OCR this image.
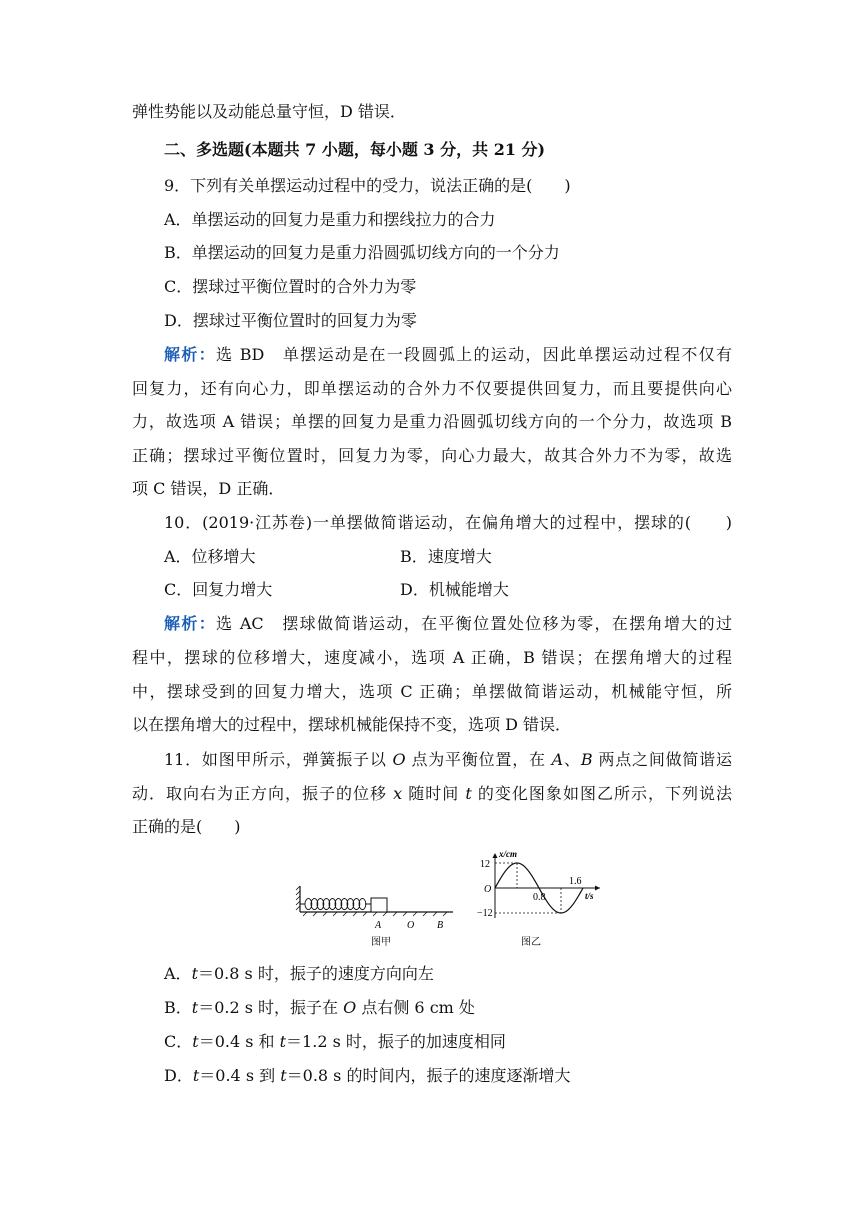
弹性势能以及动能总量守恒，D 错误．
二、多选题(本题共 7 小题，每小题 3 分，共 21 分)
9．下列有关单摆运动过程中的受力，说法正确的是(　　)
A．单摆运动的回复力是重力和摆线拉力的合力
B．单摆运动的回复力是重力沿圆弧切线方向的一个分力
C．摆球过平衡位置时的合外力为零
D．摆球过平衡位置时的回复力为零
解析：选 BD　单摆运动是在一段圆弧上的运动，因此单摆运动过程不仅有
回复力，还有向心力，即单摆运动的合外力不仅要提供回复力，而且要提供向心
力，故选项 A 错误；单摆的回复力是重力沿圆弧切线方向的一个分力，故选项 B
正确；摆球过平衡位置时，回复力为零，向心力最大，故其合外力不为零，故选
项 C 错误，D 正确．
10．(2019·江苏卷)一单摆做简谐运动，在偏角增大的过程中，摆球的(　　)
A．位移增大	B．速度增大
C．回复力增大	D．机械能增大
解析：选 AC　摆球做简谐运动，在平衡位置处位移为零，在摆角增大的过
程中，摆球的位移增大，速度减小，选项 A 正确，B 错误；在摆角增大的过程
中，摆球受到的回复力增大，选项 C 正确；单摆做简谐运动，机械能守恒，所
以在摆角增大的过程中，摆球机械能保持不变，选项 D 错误．
11．如图甲所示，弹簧振子以 O 点为平衡位置，在 A、B 两点之间做简谐运
动．取向右为正方向，振子的位移 x 随时间 t 的变化图象如图乙所示，下列说法
正确的是(　　)
A	O B
图甲
x/cm
12
−12
O
0.8
1.6
t/s
图乙
A．t＝0.8 s 时，振子的速度方向向左
B．t＝0.2 s 时，振子在 O 点右侧 6 cm 处
C．t＝0.4 s 和 t＝1.2 s 时，振子的加速度相同
D．t＝0.4 s 到 t＝0.8 s 的时间内，振子的速度逐渐增大
